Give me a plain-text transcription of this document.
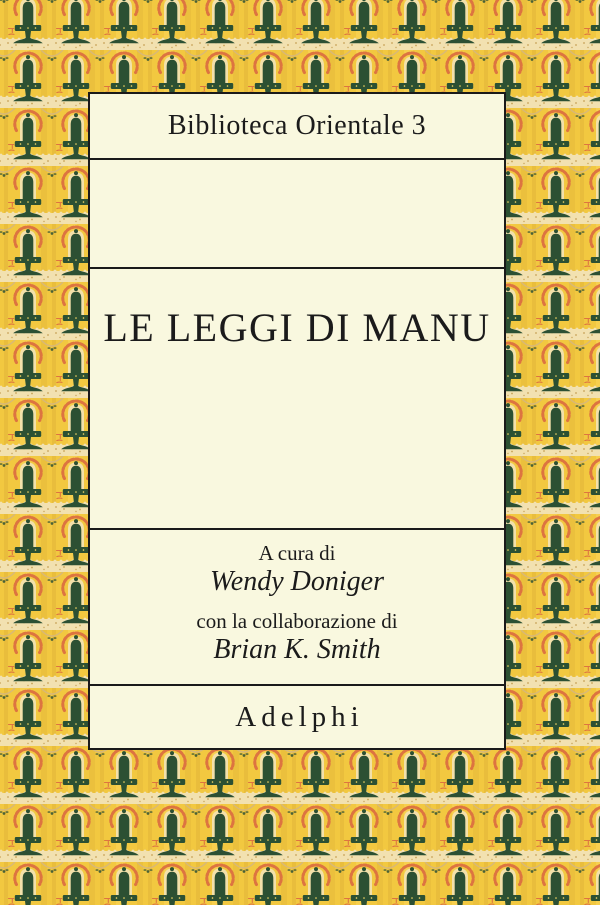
Biblioteca Orientale 3
LE LEGGI DI MANU
A cura di
Wendy Doniger
con la collaborazione di
Brian K. Smith
Adelphi
